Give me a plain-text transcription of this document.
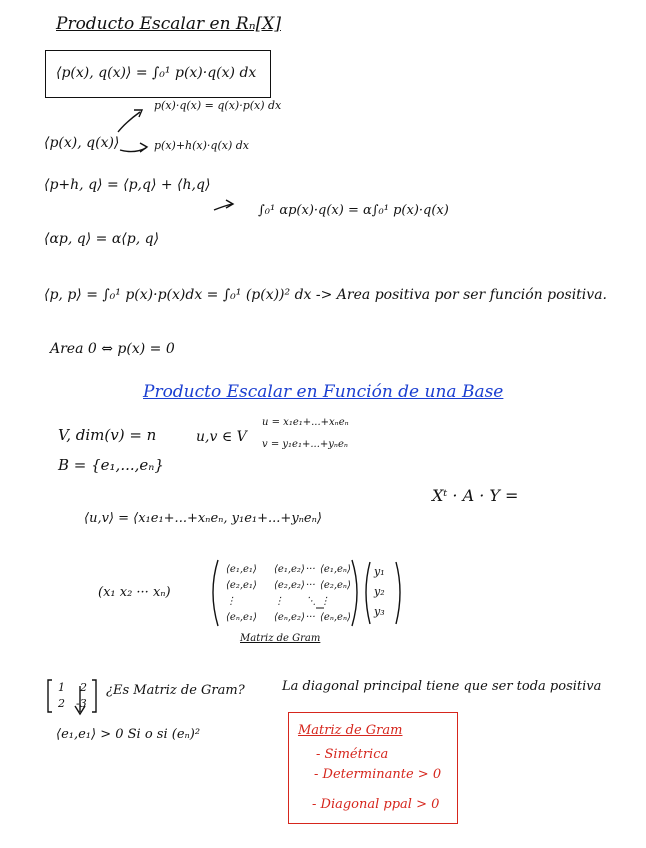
Producto Escalar en Rₙ[X]
⟨p(x), q(x)⟩ = ∫₀¹ p(x)·q(x) dx
p(x)·q(x) = q(x)·p(x) dx
⟨p(x), q(x)⟩	p(x)+h(x)·q(x) dx
⟨p+h, q⟩ = ⟨p,q⟩ + ⟨h,q⟩
∫₀¹ αp(x)·q(x) = α∫₀¹ p(x)·q(x)
⟨αp, q⟩ = α⟨p, q⟩
⟨p, p⟩ = ∫₀¹ p(x)·p(x)dx = ∫₀¹ (p(x))² dx -> Area positiva por ser función positiva.
Area 0 ⇔ p(x) = 0
Producto Escalar en Función de una Base
V, dim(v) = n
B = {e₁,...,eₙ}
u,v ∈ V
u = x₁e₁+...+xₙeₙ
v = y₁e₁+...+yₙeₙ
Xᵗ · A · Y =
⟨u,v⟩ = ⟨x₁e₁+...+xₙeₙ, y₁e₁+...+yₙeₙ⟩
(x₁ x₂ ··· xₙ)
⟨e₁,e₁⟩ ⟨e₁,e₂⟩ ··· ⟨e₁,eₙ⟩
⟨e₂,e₁⟩ ⟨e₂,e₂⟩ ··· ⟨e₂,eₙ⟩
⋮	⋮ ⋱ ⋮
⟨eₙ,e₁⟩ ⟨eₙ,e₂⟩ ··· ⟨eₙ,eₙ⟩
y₁
y₂
y₃
Matriz de Gram
1 2
2 -3
¿Es Matriz de Gram?	La diagonal principal tiene que ser toda positiva
⟨e₁,e₁⟩ > 0 Si o si (eₙ)²	Matriz de Gram
- Simétrica
- Determinante > 0
- Diagonal ppal > 0
